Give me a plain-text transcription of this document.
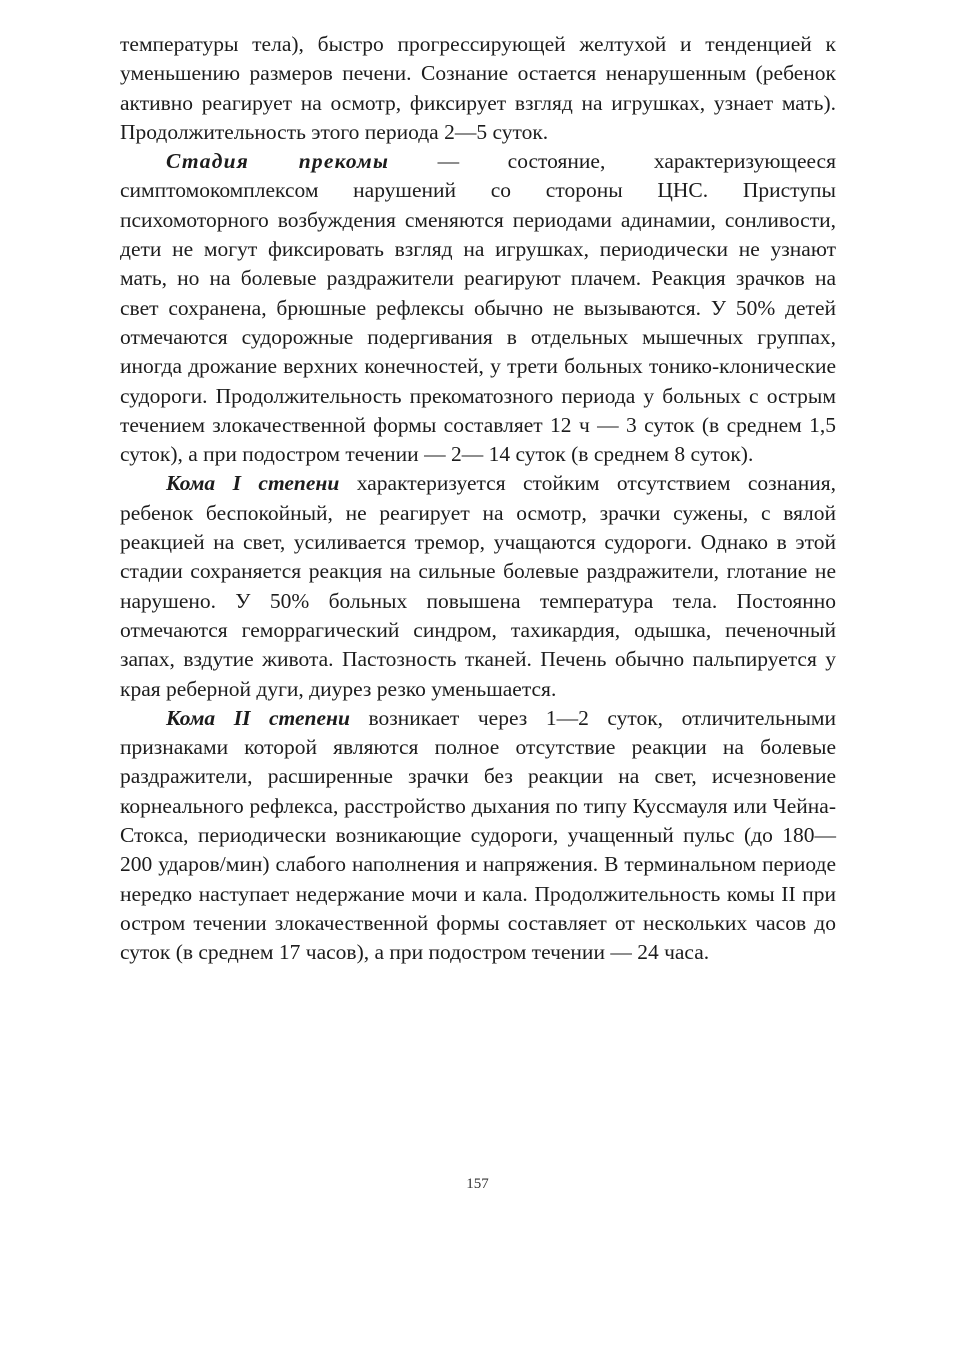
температуры тела), быстро прогрессирующей желтухой и тенденцией к уменьшению размеров печени. Сознание остается ненарушенным (ребенок активно реагирует на осмотр, фиксирует взгляд на игрушках, узнает мать). Продолжительность этого периода 2—5 суток.

Стадия прекомы — состояние, характеризующееся симптомокомплексом нарушений со стороны ЦНС. Приступы психомоторного возбуждения сменяются периодами адинамии, сонливости, дети не могут фиксировать взгляд на игрушках, периодически не узнают мать, но на болевые раздражители реагируют плачем. Реакция зрачков на свет сохранена, брюшные рефлексы обычно не вызываются. У 50% детей отмечаются судорожные подергивания в отдельных мышечных группах, иногда дрожание верхних конечностей, у трети больных тонико-клонические судороги. Продолжительность прекоматозного периода у больных с острым течением злокачественной формы составляет 12 ч — 3 суток (в среднем 1,5 суток), а при подостром течении — 2— 14 суток (в среднем 8 суток).

Кома I степени характеризуется стойким отсутствием сознания, ребенок беспокойный, не реагирует на осмотр, зрачки сужены, с вялой реакцией на свет, усиливается тремор, учащаются судороги. Однако в этой стадии сохраняется реакция на сильные болевые раздражители, глотание не нарушено. У 50% больных повышена температура тела. Постоянно отмечаются геморрагический синдром, тахикардия, одышка, печеночный запах, вздутие живота. Пастозность тканей. Печень обычно пальпируется у края реберной дуги, диурез резко уменьшается.

Кома II степени возникает через 1—2 суток, отличительными признаками которой являются полное отсутствие реакции на болевые раздражители, расширенные зрачки без реакции на свет, исчезновение корнеального рефлекса, расстройство дыхания по типу Куссмауля или Чейна- Стокса, периодически возникающие судороги, учащенный пульс (до 180—200 ударов/мин) слабого наполнения и напряжения. В терминальном периоде нередко наступает недержание мочи и кала. Продолжительность комы II при остром течении злокачественной формы составляет от нескольких часов до суток (в среднем 17 часов), а при подостром течении — 24 часа.

157
